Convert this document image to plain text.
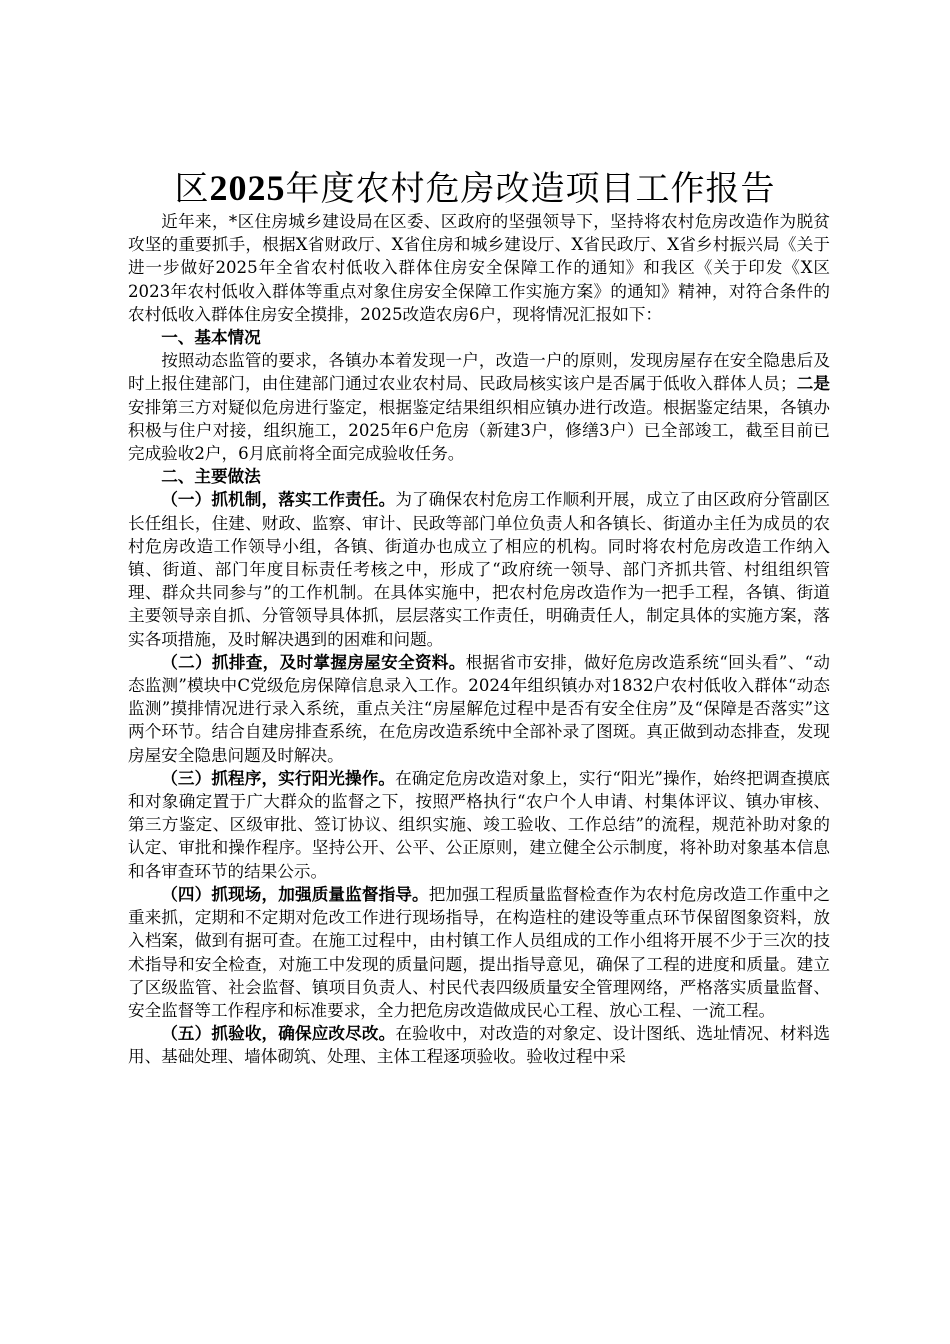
区2025年度农村危房改造项目工作报告

近年来，*区住房城乡建设局在区委、区政府的坚强领导下，坚持将农村危房改造作为脱贫攻坚的重要抓手，根据X省财政厅、X省住房和城乡建设厅、X省民政厅、X省乡村振兴局《关于进一步做好2025年全省农村低收入群体住房安全保障工作的通知》和我区《关于印发《X区2023年农村低收入群体等重点对象住房安全保障工作实施方案》的通知》精神，对符合条件的农村低收入群体住房安全摸排，2025改造农房6户，现将情况汇报如下：

一、基本情况

按照动态监管的要求，各镇办本着发现一户，改造一户的原则，发现房屋存在安全隐患后及时上报住建部门，由住建部门通过农业农村局、民政局核实该户是否属于低收入群体人员；二是安排第三方对疑似危房进行鉴定，根据鉴定结果组织相应镇办进行改造。根据鉴定结果，各镇办积极与住户对接，组织施工，2025年6户危房（新建3户，修缮3户）已全部竣工，截至目前已完成验收2户，6月底前将全面完成验收任务。

二、主要做法

（一）抓机制，落实工作责任。为了确保农村危房工作顺利开展，成立了由区政府分管副区长任组长，住建、财政、监察、审计、民政等部门单位负责人和各镇长、街道办主任为成员的农村危房改造工作领导小组，各镇、街道办也成立了相应的机构。同时将农村危房改造工作纳入镇、街道、部门年度目标责任考核之中，形成了“政府统一领导、部门齐抓共管、村组组织管理、群众共同参与”的工作机制。在具体实施中，把农村危房改造作为一把手工程，各镇、街道主要领导亲自抓、分管领导具体抓，层层落实工作责任，明确责任人，制定具体的实施方案，落实各项措施，及时解决遇到的困难和问题。

（二）抓排查，及时掌握房屋安全资料。根据省市安排，做好危房改造系统“回头看”、“动态监测”模块中C党级危房保障信息录入工作。2024年组织镇办对1832户农村低收入群体“动态监测”摸排情况进行录入系统，重点关注“房屋解危过程中是否有安全住房”及“保障是否落实”这两个环节。结合自建房排查系统，在危房改造系统中全部补录了图斑。真正做到动态排查，发现房屋安全隐患问题及时解决。

（三）抓程序，实行阳光操作。在确定危房改造对象上，实行“阳光”操作，始终把调查摸底和对象确定置于广大群众的监督之下，按照严格执行“农户个人申请、村集体评议、镇办审核、第三方鉴定、区级审批、签订协议、组织实施、竣工验收、工作总结”的流程，规范补助对象的认定、审批和操作程序。坚持公开、公平、公正原则，建立健全公示制度，将补助对象基本信息和各审查环节的结果公示。

（四）抓现场，加强质量监督指导。把加强工程质量监督检查作为农村危房改造工作重中之重来抓，定期和不定期对危改工作进行现场指导，在构造柱的建设等重点环节保留图象资料，放入档案，做到有据可查。在施工过程中，由村镇工作人员组成的工作小组将开展不少于三次的技术指导和安全检查，对施工中发现的质量问题，提出指导意见，确保了工程的进度和质量。建立了区级监管、社会监督、镇项目负责人、村民代表四级质量安全管理网络，严格落实质量监督、安全监督等工作程序和标准要求，全力把危房改造做成民心工程、放心工程、一流工程。

（五）抓验收，确保应改尽改。在验收中，对改造的对象定、设计图纸、选址情况、材料选用、基础处理、墙体砌筑、处理、主体工程逐项验收。验收过程中采
